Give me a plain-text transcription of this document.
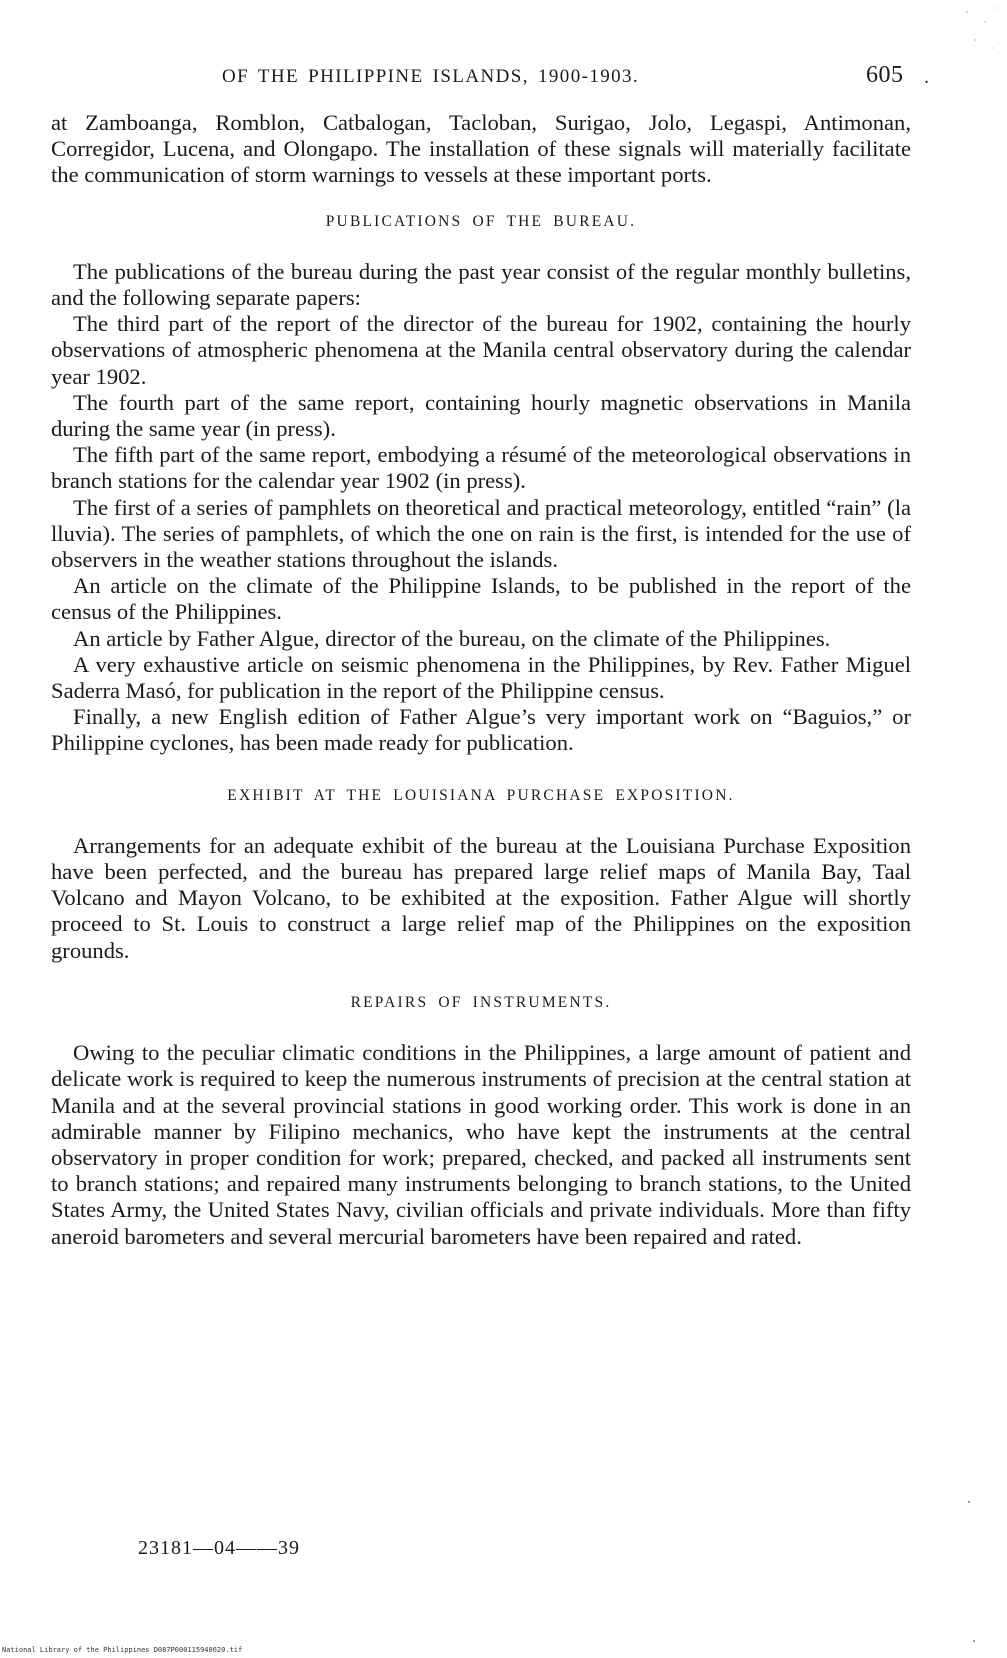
OF THE PHILIPPINE ISLANDS, 1900-1903.	605 .

at Zamboanga, Romblon, Catbalogan, Tacloban, Surigao, Jolo, Legaspi, Antimonan, Corregidor, Lucena, and Olongapo. The installation of these signals will materially facilitate the communication of storm warnings to vessels at these important ports.

PUBLICATIONS OF THE BUREAU.

The publications of the bureau during the past year consist of the regular monthly bulletins, and the following separate papers:

The third part of the report of the director of the bureau for 1902, containing the hourly observations of atmospheric phenomena at the Manila central observatory during the calendar year 1902.

The fourth part of the same report, containing hourly magnetic observations in Manila during the same year (in press).

The fifth part of the same report, embodying a résumé of the meteorological observations in branch stations for the calendar year 1902 (in press).

The first of a series of pamphlets on theoretical and practical meteorology, entitled “rain” (la lluvia). The series of pamphlets, of which the one on rain is the first, is intended for the use of observers in the weather stations throughout the islands.

An article on the climate of the Philippine Islands, to be published in the report of the census of the Philippines.

An article by Father Algue, director of the bureau, on the climate of the Philippines.

A very exhaustive article on seismic phenomena in the Philippines, by Rev. Father Miguel Saderra Masó, for publication in the report of the Philippine census.

Finally, a new English edition of Father Algue’s very important work on “Baguios,” or Philippine cyclones, has been made ready for publication.

EXHIBIT AT THE LOUISIANA PURCHASE EXPOSITION.

Arrangements for an adequate exhibit of the bureau at the Louisiana Purchase Exposition have been perfected, and the bureau has prepared large relief maps of Manila Bay, Taal Volcano and Mayon Volcano, to be exhibited at the exposition. Father Algue will shortly proceed to St. Louis to construct a large relief map of the Philippines on the exposition grounds.

REPAIRS OF INSTRUMENTS.

Owing to the peculiar climatic conditions in the Philippines, a large amount of patient and delicate work is required to keep the numerous instruments of precision at the central station at Manila and at the several provincial stations in good working order. This work is done in an admirable manner by Filipino mechanics, who have kept the instruments at the central observatory in proper condition for work; prepared, checked, and packed all instruments sent to branch stations; and repaired many instruments belonging to branch stations, to the United States Army, the United States Navy, civilian officials and private individuals. More than fifty aneroid barometers and several mercurial barometers have been repaired and rated.

23181—04——39
National Library of the Philippines D087P000115940620.tif
